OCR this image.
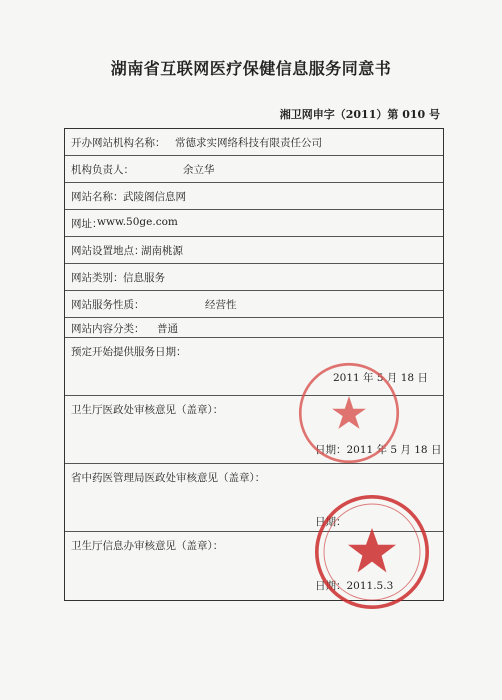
湖南省互联网医疗保健信息服务同意书
湘卫网申字（2011）第 010 号
开办网站机构名称： 常德求实网络科技有限责任公司
机构负责人：	余立华
网站名称： 武陵阁信息网
网址：
www.50ge.com
网站设置地点：
湖南桃源
网站类别： 信息服务
网站服务性质：	经营性
网站内容分类： 普通
预定开始提供服务日期：
2011 年 5 月 18 日
卫生厅医政处审核意见（盖章）：
日期：2011 年 5 月 18 日
省中药医管理局医政处审核意见（盖章）：
日期：
卫生厅信息办审核意见（盖章）：
日期：2011.5.3
